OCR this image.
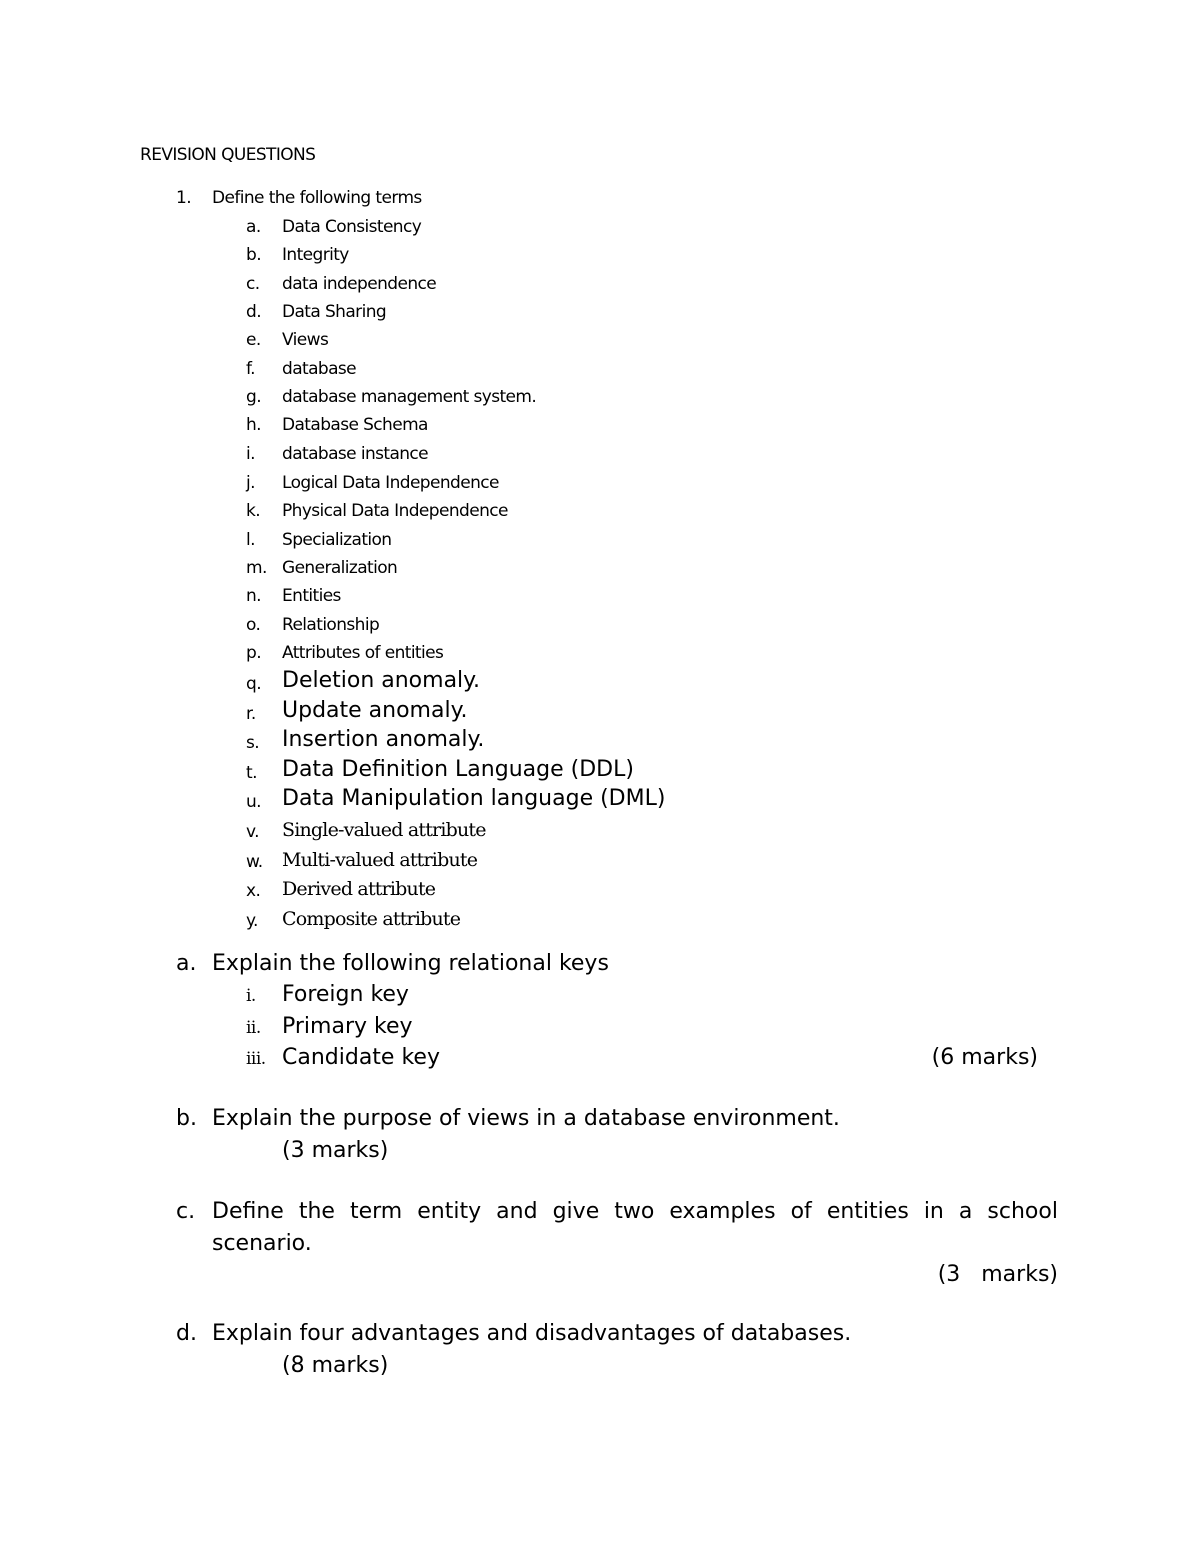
REVISION QUESTIONS
1. Define the following terms
a. Data Consistency
b. Integrity
c. data independence
d. Data Sharing
e. Views
f. database
g. database management system.
h. Database Schema
i. database instance
j. Logical Data Independence
k. Physical Data Independence
l. Specialization
m. Generalization
n. Entities
o. Relationship
p. Attributes of entities
q. Deletion anomaly.
r. Update anomaly.
s. Insertion anomaly.
t. Data Definition Language (DDL)
u. Data Manipulation language (DML)
v. Single-valued attribute
w. Multi-valued attribute
x. Derived attribute
y. Composite attribute
a. Explain the following relational keys
i. Foreign key
ii. Primary key
iii. Candidate key	(6 marks)
b. Explain the purpose of views in a database environment.
(3 marks)
c. Define the term entity and give two examples of entities in a school
scenario.
(3   marks)
d. Explain four advantages and disadvantages of databases.
(8 marks)
